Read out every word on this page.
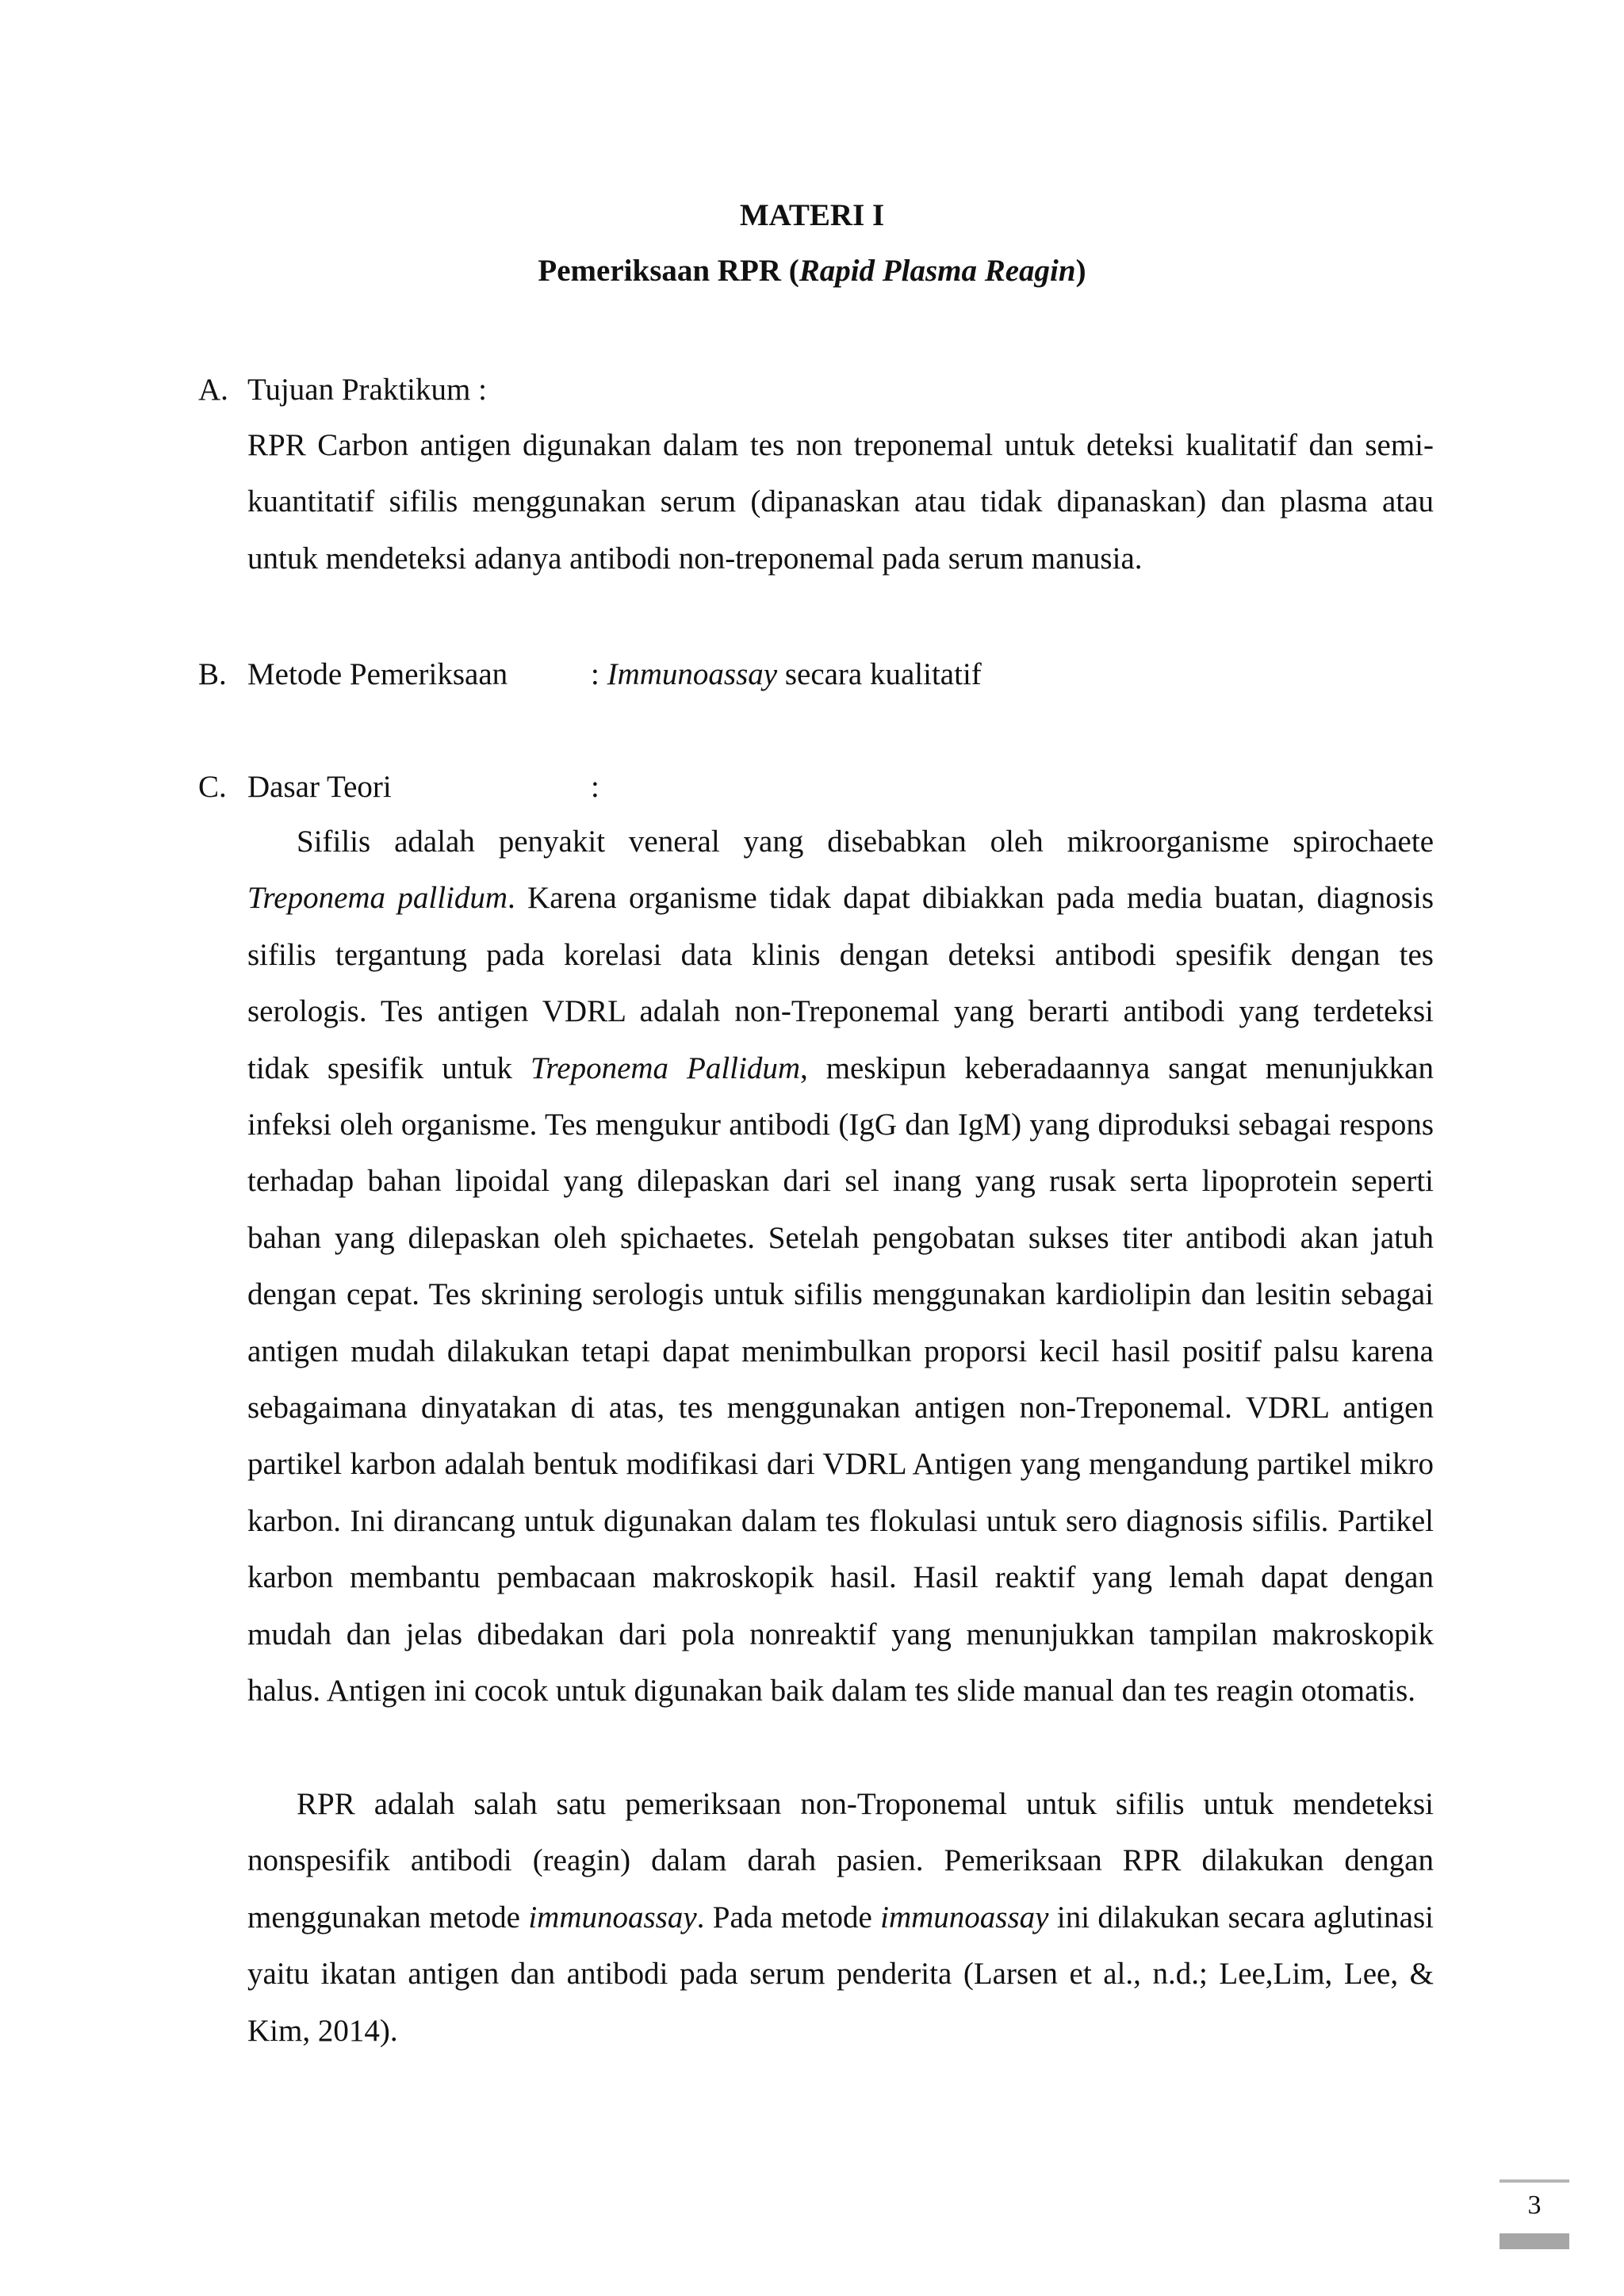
MATERI I
Pemeriksaan RPR (Rapid Plasma Reagin)
A. Tujuan Praktikum :

RPR Carbon antigen digunakan dalam tes non treponemal untuk deteksi kualitatif dan semi-kuantitatif sifilis menggunakan serum (dipanaskan atau tidak dipanaskan) dan plasma atau untuk mendeteksi adanya antibodi non-treponemal pada serum manusia.

B. Metode Pemeriksaan	: Immunoassay secara kualitatif
C. Dasar Teori	:

Sifilis adalah penyakit veneral yang disebabkan oleh mikroorganisme spirochaete Treponema pallidum. Karena organisme tidak dapat dibiakkan pada media buatan, diagnosis sifilis tergantung pada korelasi data klinis dengan deteksi antibodi spesifik dengan tes serologis. Tes antigen VDRL adalah non-Treponemal yang berarti antibodi yang terdeteksi tidak spesifik untuk Treponema Pallidum, meskipun keberadaannya sangat menunjukkan infeksi oleh organisme. Tes mengukur antibodi (IgG dan IgM) yang diproduksi sebagai respons terhadap bahan lipoidal yang dilepaskan dari sel inang yang rusak serta lipoprotein seperti bahan yang dilepaskan oleh spichaetes. Setelah pengobatan sukses titer antibodi akan jatuh dengan cepat. Tes skrining serologis untuk sifilis menggunakan kardiolipin dan lesitin sebagai antigen mudah dilakukan tetapi dapat menimbulkan proporsi kecil hasil positif palsu karena sebagaimana dinyatakan di atas, tes menggunakan antigen non-Treponemal. VDRL antigen partikel karbon adalah bentuk modifikasi dari VDRL Antigen yang mengandung partikel mikro karbon. Ini dirancang untuk digunakan dalam tes flokulasi untuk sero diagnosis sifilis. Partikel karbon membantu pembacaan makroskopik hasil. Hasil reaktif yang lemah dapat dengan mudah dan jelas dibedakan dari pola nonreaktif yang menunjukkan tampilan makroskopik halus. Antigen ini cocok untuk digunakan baik dalam tes slide manual dan tes reagin otomatis.

RPR adalah salah satu pemeriksaan non-Troponemal untuk sifilis untuk mendeteksi nonspesifik antibodi (reagin) dalam darah pasien. Pemeriksaan RPR dilakukan dengan menggunakan metode immunoassay. Pada metode immunoassay ini dilakukan secara aglutinasi yaitu ikatan antigen dan antibodi pada serum penderita (Larsen et al., n.d.; Lee,Lim, Lee, & Kim, 2014).

3
